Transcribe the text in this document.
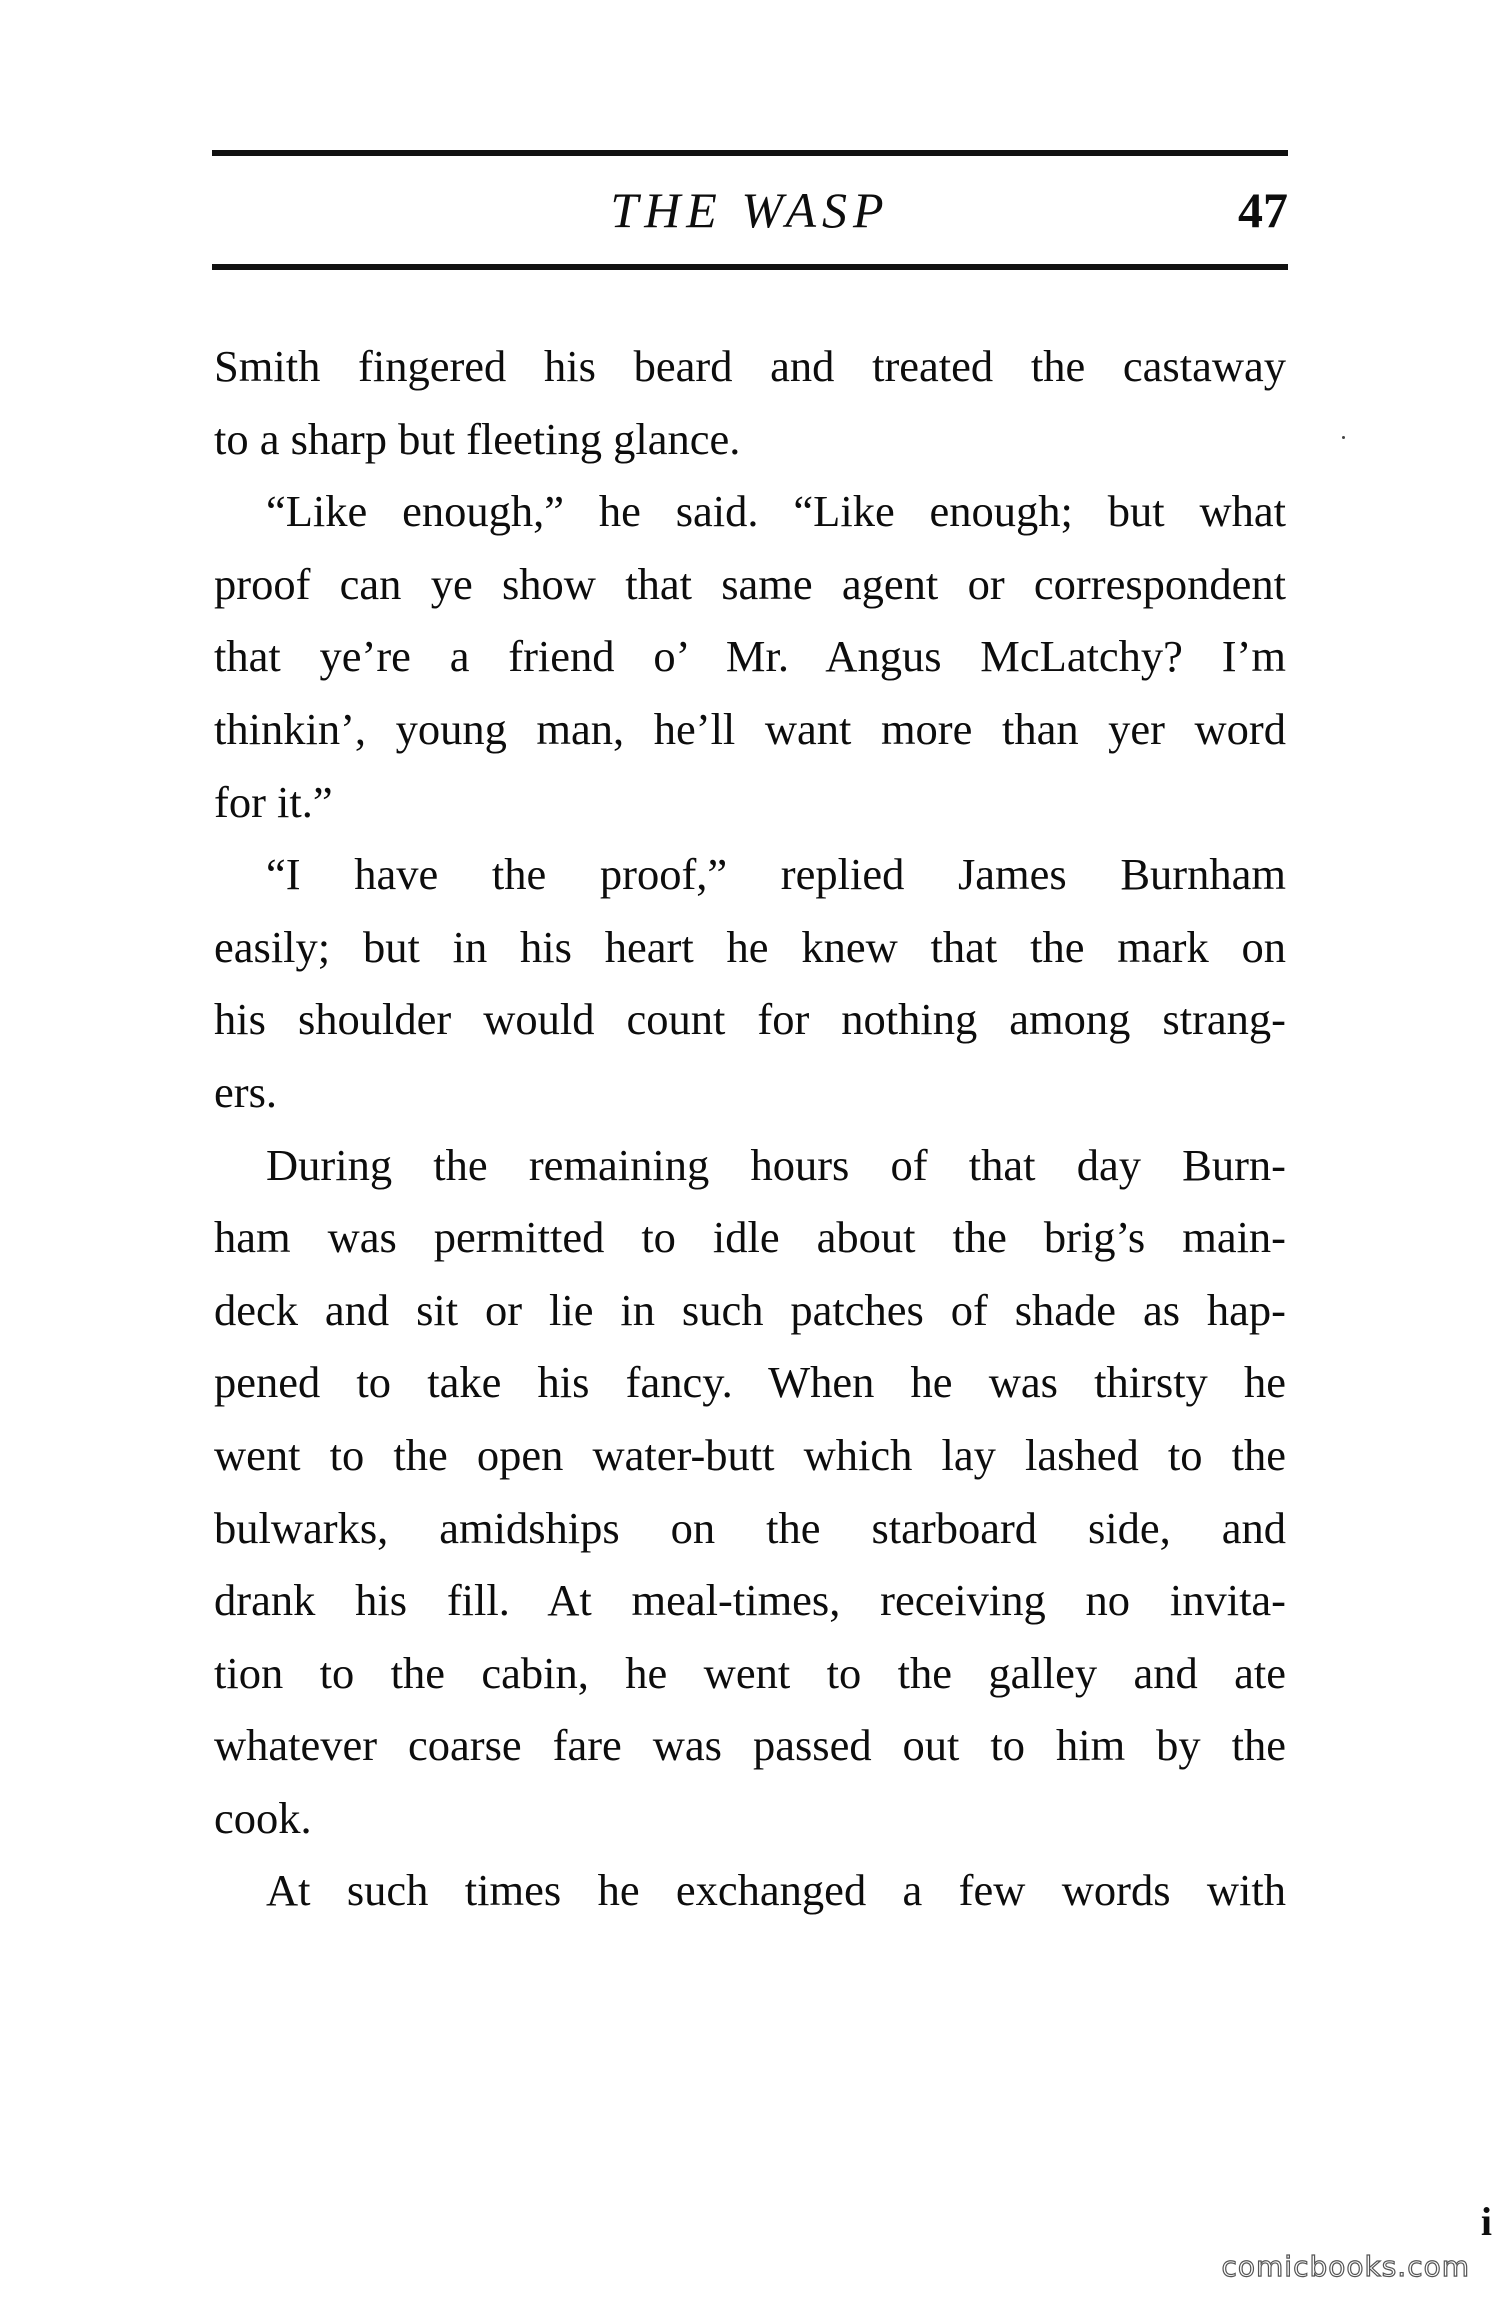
THE WASP	47
Smith fingered his beard and treated the castaway
to a sharp but fleeting glance.
“Like enough,” he said. “Like enough; but what
proof can ye show that same agent or correspondent
that ye’re a friend o’ Mr. Angus McLatchy? I’m
thinkin’, young man, he’ll want more than yer word
for it.”
“I have the proof,” replied James Burnham
easily; but in his heart he knew that the mark on
his shoulder would count for nothing among strang-
ers.
During the remaining hours of that day Burn-
ham was permitted to idle about the brig’s main-
deck and sit or lie in such patches of shade as hap-
pened to take his fancy. When he was thirsty he
went to the open water-butt which lay lashed to the
bulwarks, amidships on the starboard side, and
drank his fill. At meal-times, receiving no invita-
tion to the cabin, he went to the galley and ate
whatever coarse fare was passed out to him by the
cook.
At such times he exchanged a few words with
i
comicbooks.com
